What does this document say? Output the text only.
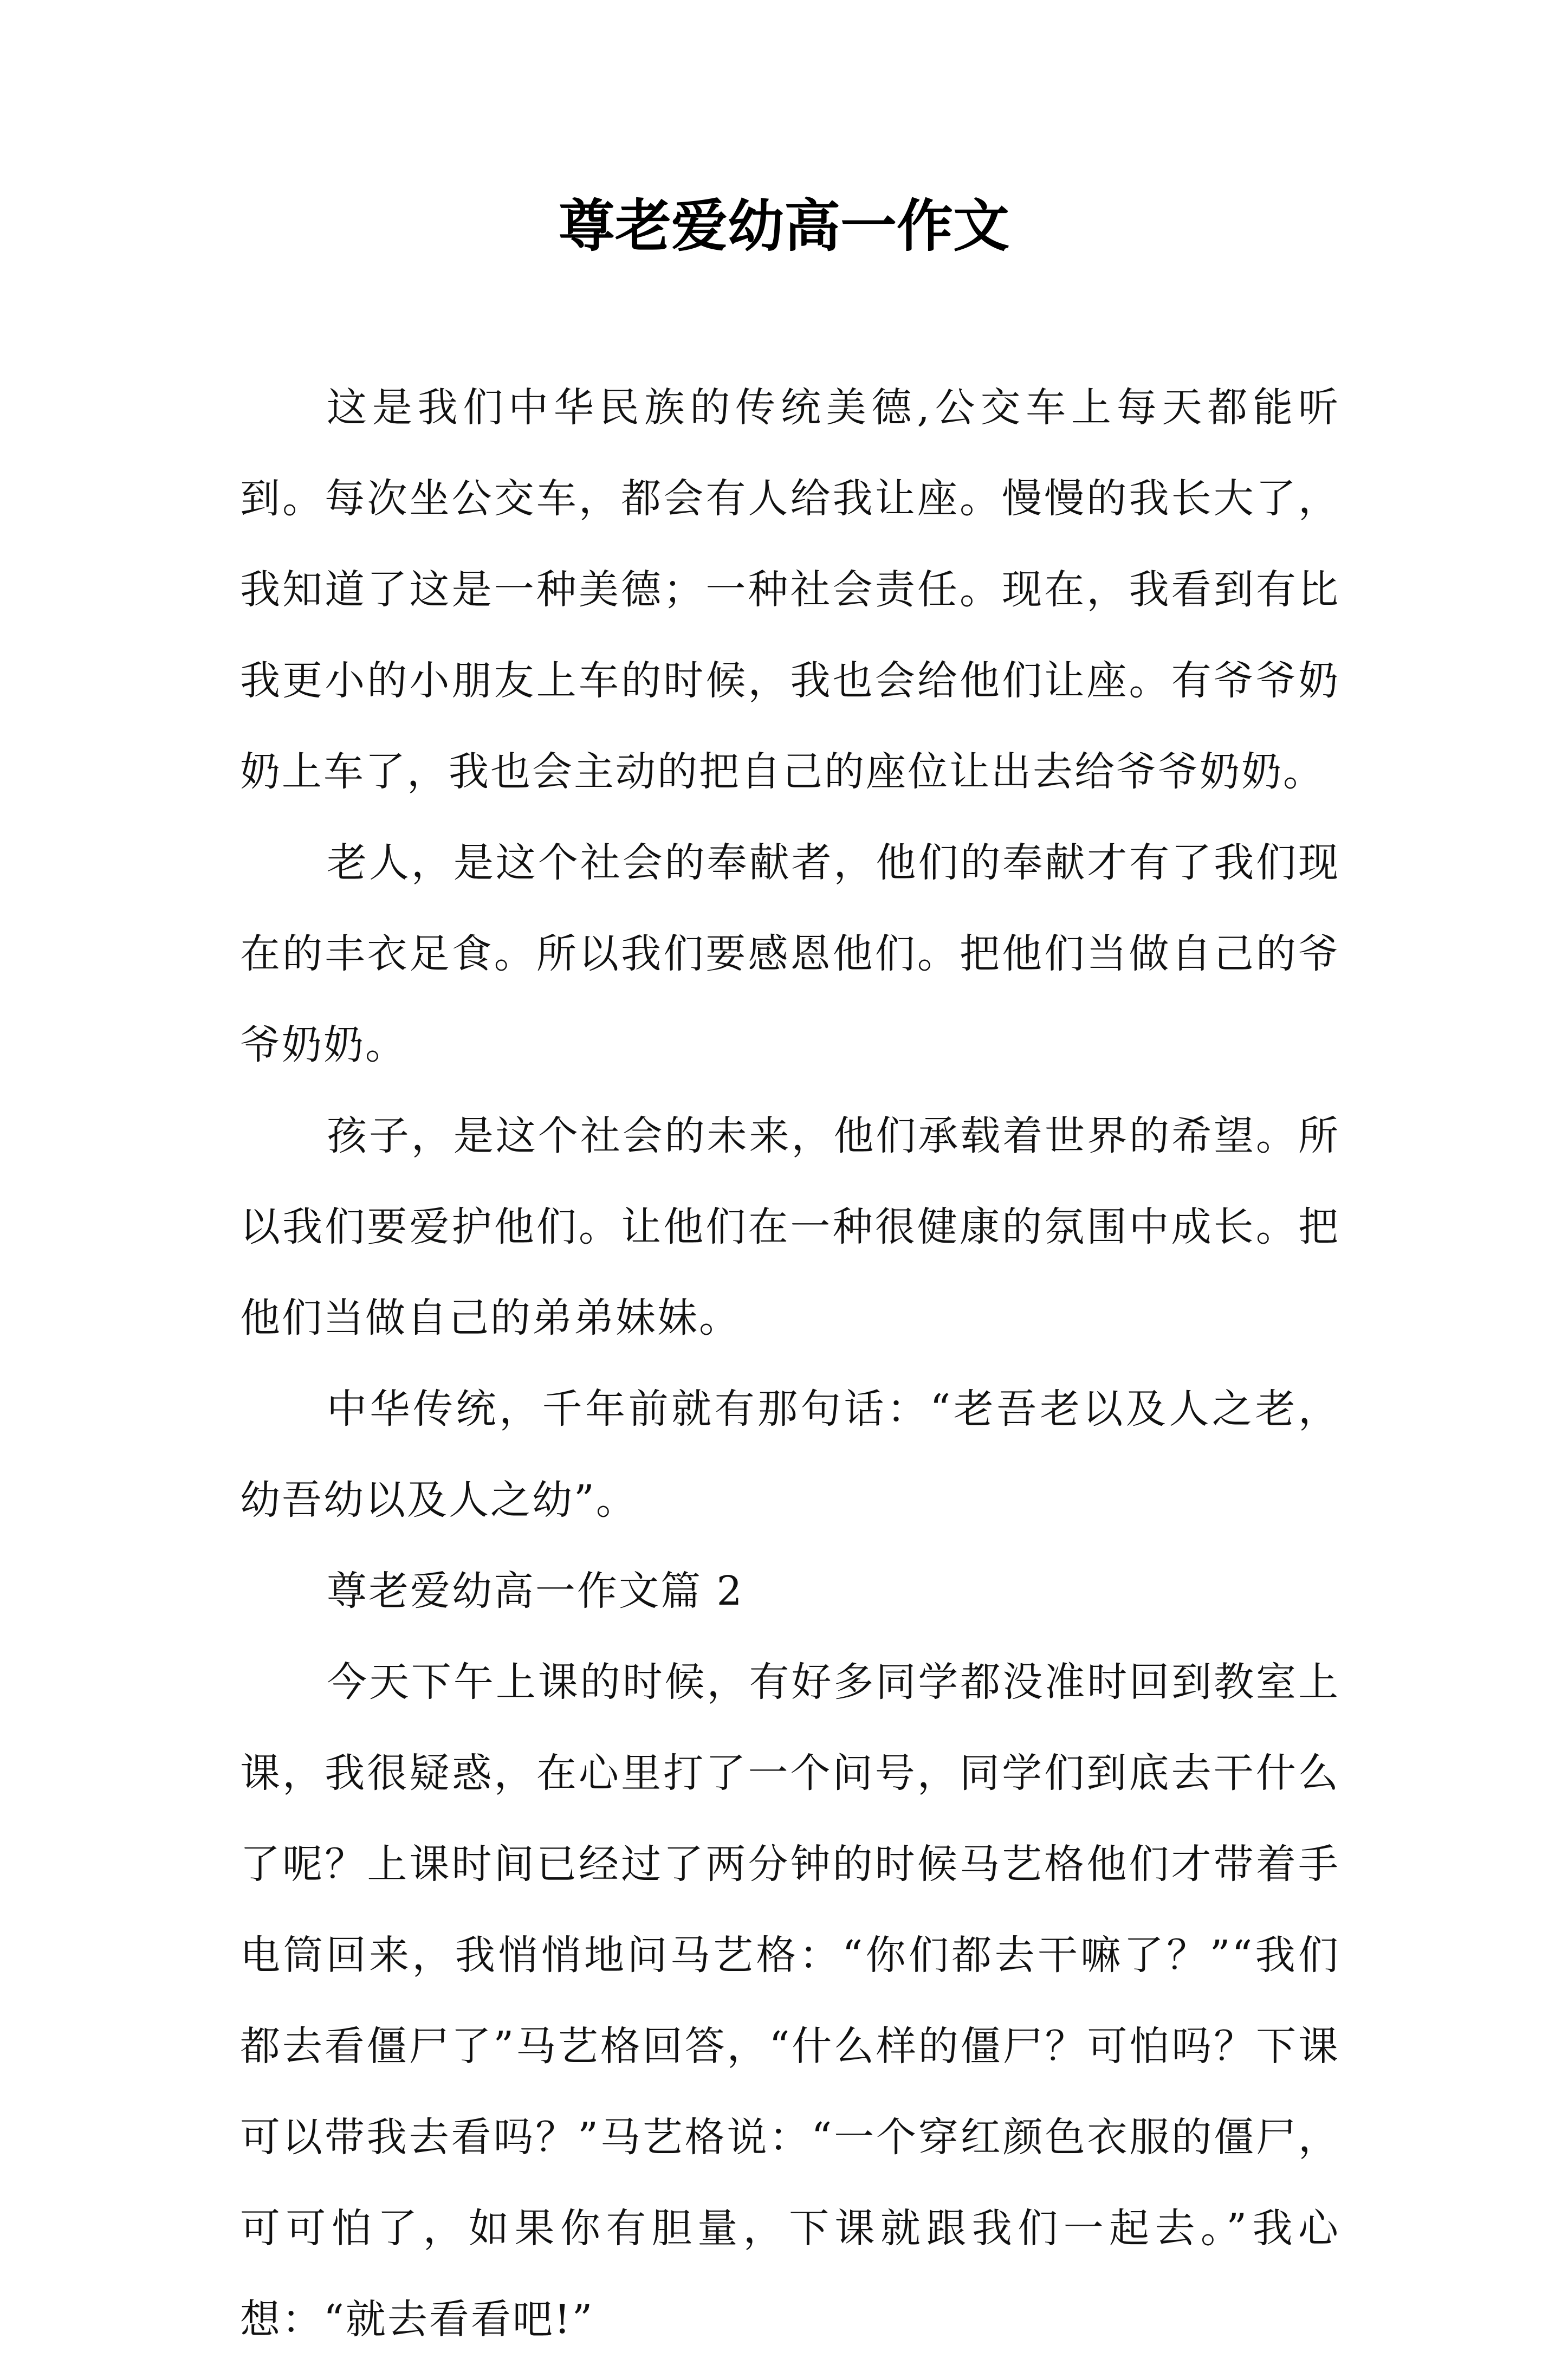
尊老爱幼高一作文

这是我们中华民族的传统美德,公交车上每天都能听到。每次坐公交车，都会有人给我让座。慢慢的我长大了，我知道了这是一种美德；一种社会责任。现在，我看到有比我更小的小朋友上车的时候，我也会给他们让座。有爷爷奶奶上车了，我也会主动的把自己的座位让出去给爷爷奶奶。

老人，是这个社会的奉献者，他们的奉献才有了我们现在的丰衣足食。所以我们要感恩他们。把他们当做自己的爷爷奶奶。

孩子，是这个社会的未来，他们承载着世界的希望。所以我们要爱护他们。让他们在一种很健康的氛围中成长。把他们当做自己的弟弟妹妹。

中华传统，千年前就有那句话：“老吾老以及人之老，幼吾幼以及人之幼”。

尊老爱幼高一作文篇 2

今天下午上课的时候，有好多同学都没准时回到教室上课，我很疑惑，在心里打了一个问号，同学们到底去干什么了呢？上课时间已经过了两分钟的时候马艺格他们才带着手电筒回来，我悄悄地问马艺格：“你们都去干嘛了？”“我们都去看僵尸了”马艺格回答，“什么样的僵尸？可怕吗？下课可以带我去看吗？”马艺格说：“一个穿红颜色衣服的僵尸，可可怕了，如果你有胆量，下课就跟我们一起去。”我心想：“就去看看吧!”
